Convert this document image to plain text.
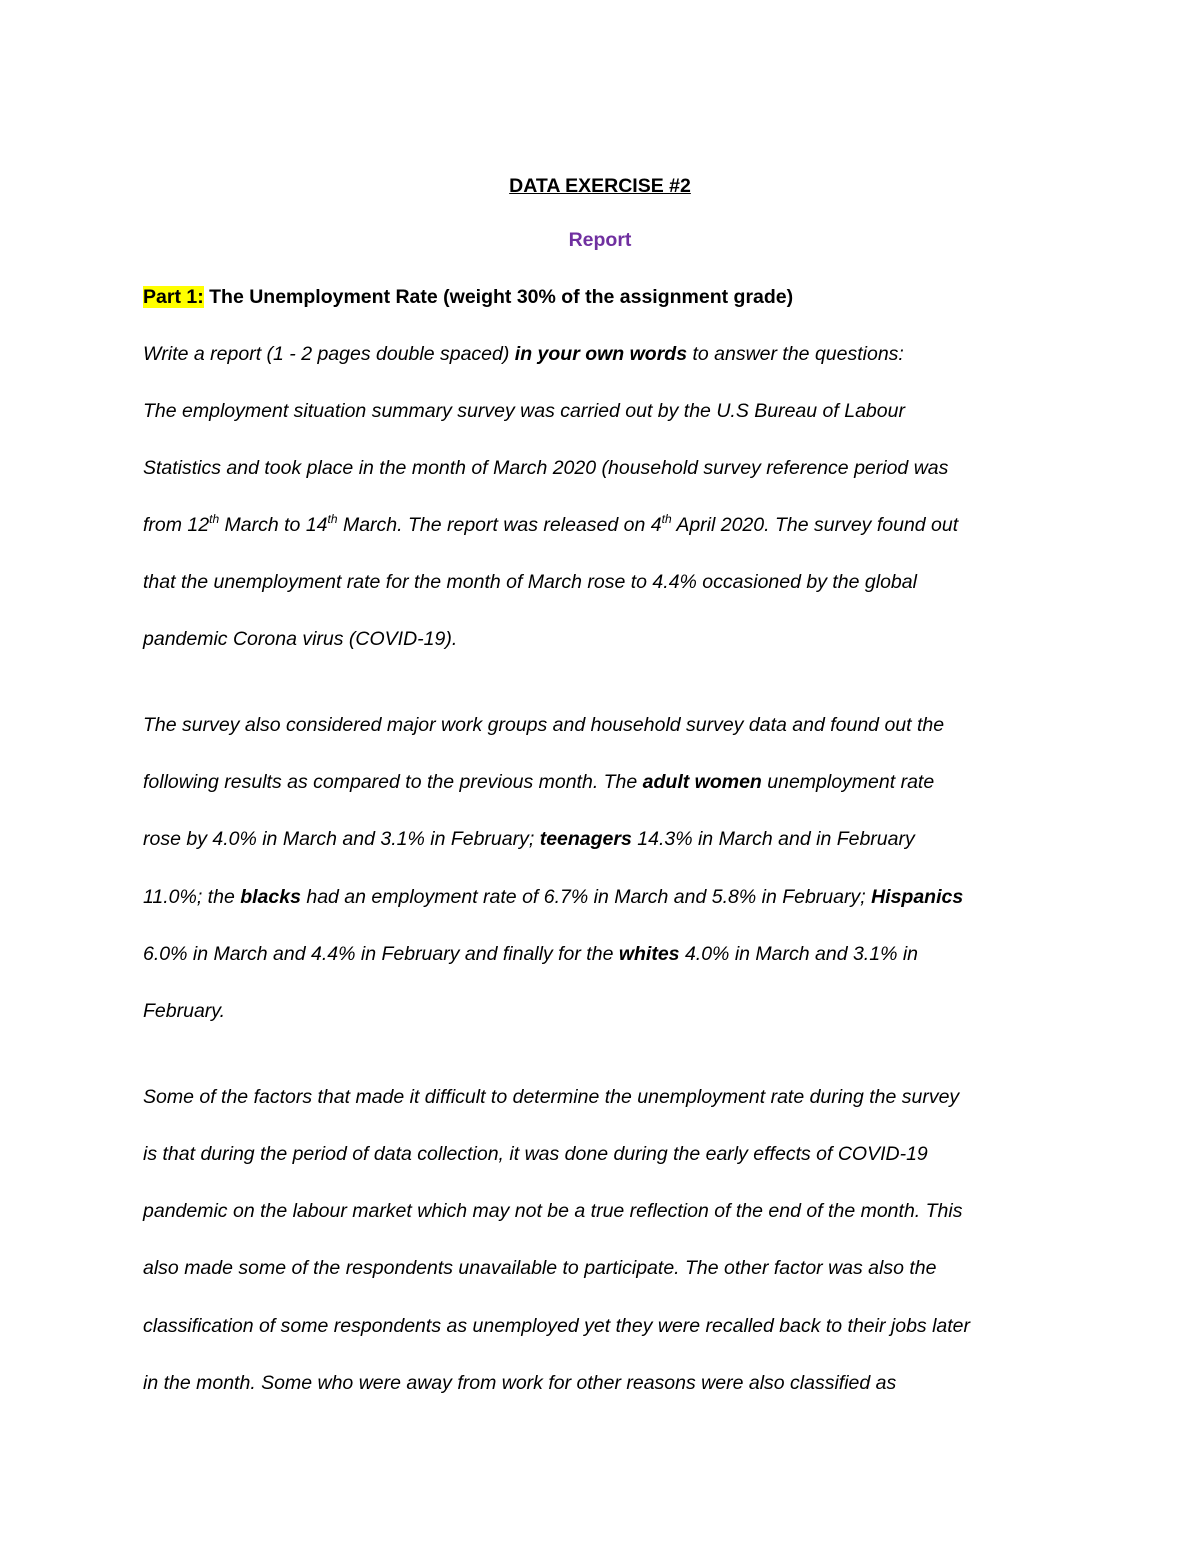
DATA EXERCISE #2
Report
Part 1: The Unemployment Rate (weight 30% of the assignment grade)
Write a report (1 - 2 pages double spaced) in your own words to answer the questions:
The employment situation summary survey was carried out by the U.S Bureau of Labour
Statistics and took place in the month of March 2020 (household survey reference period was
from 12th March to 14th March. The report was released on 4th April 2020. The survey found out
that the unemployment rate for the month of March rose to 4.4% occasioned by the global
pandemic Corona virus (COVID-19).
The survey also considered major work groups and household survey data and found out the
following results as compared to the previous month. The adult women unemployment rate
rose by 4.0% in March and 3.1% in February; teenagers 14.3% in March and in February
11.0%; the blacks had an employment rate of 6.7% in March and 5.8% in February; Hispanics
6.0% in March and 4.4% in February and finally for the whites 4.0% in March and 3.1% in
February.
Some of the factors that made it difficult to determine the unemployment rate during the survey
is that during the period of data collection, it was done during the early effects of COVID-19
pandemic on the labour market which may not be a true reflection of the end of the month. This
also made some of the respondents unavailable to participate. The other factor was also the
classification of some respondents as unemployed yet they were recalled back to their jobs later
in the month. Some who were away from work for other reasons were also classified as
